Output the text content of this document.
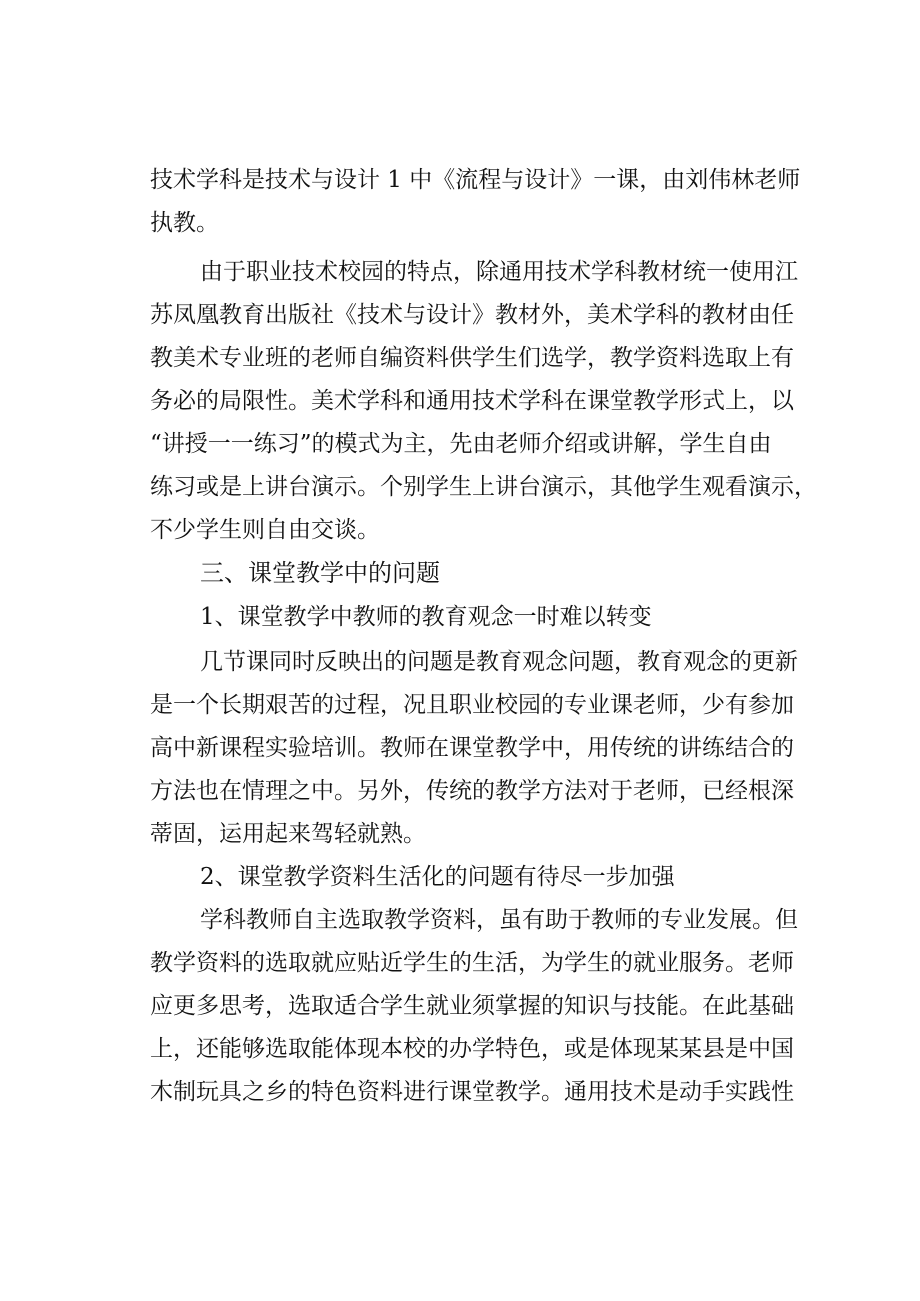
技术学科是技术与设计 1 中《流程与设计》一课，由刘伟林老师
执教。
由于职业技术校园的特点，除通用技术学科教材统一使用江
苏凤凰教育出版社《技术与设计》教材外，美术学科的教材由任
教美术专业班的老师自编资料供学生们选学，教学资料选取上有
务必的局限性。美术学科和通用技术学科在课堂教学形式上，以
“讲授一一练习”的模式为主，先由老师介绍或讲解，学生自由
练习或是上讲台演示。个别学生上讲台演示，其他学生观看演示，
不少学生则自由交谈。
三、课堂教学中的问题
1、课堂教学中教师的教育观念一时难以转变
几节课同时反映出的问题是教育观念问题，教育观念的更新
是一个长期艰苦的过程，况且职业校园的专业课老师，少有参加
高中新课程实验培训。教师在课堂教学中，用传统的讲练结合的
方法也在情理之中。另外，传统的教学方法对于老师，已经根深
蒂固，运用起来驾轻就熟。
2、课堂教学资料生活化的问题有待尽一步加强
学科教师自主选取教学资料，虽有助于教师的专业发展。但
教学资料的选取就应贴近学生的生活，为学生的就业服务。老师
应更多思考，选取适合学生就业须掌握的知识与技能。在此基础
上，还能够选取能体现本校的办学特色，或是体现某某县是中国
木制玩具之乡的特色资料进行课堂教学。通用技术是动手实践性
